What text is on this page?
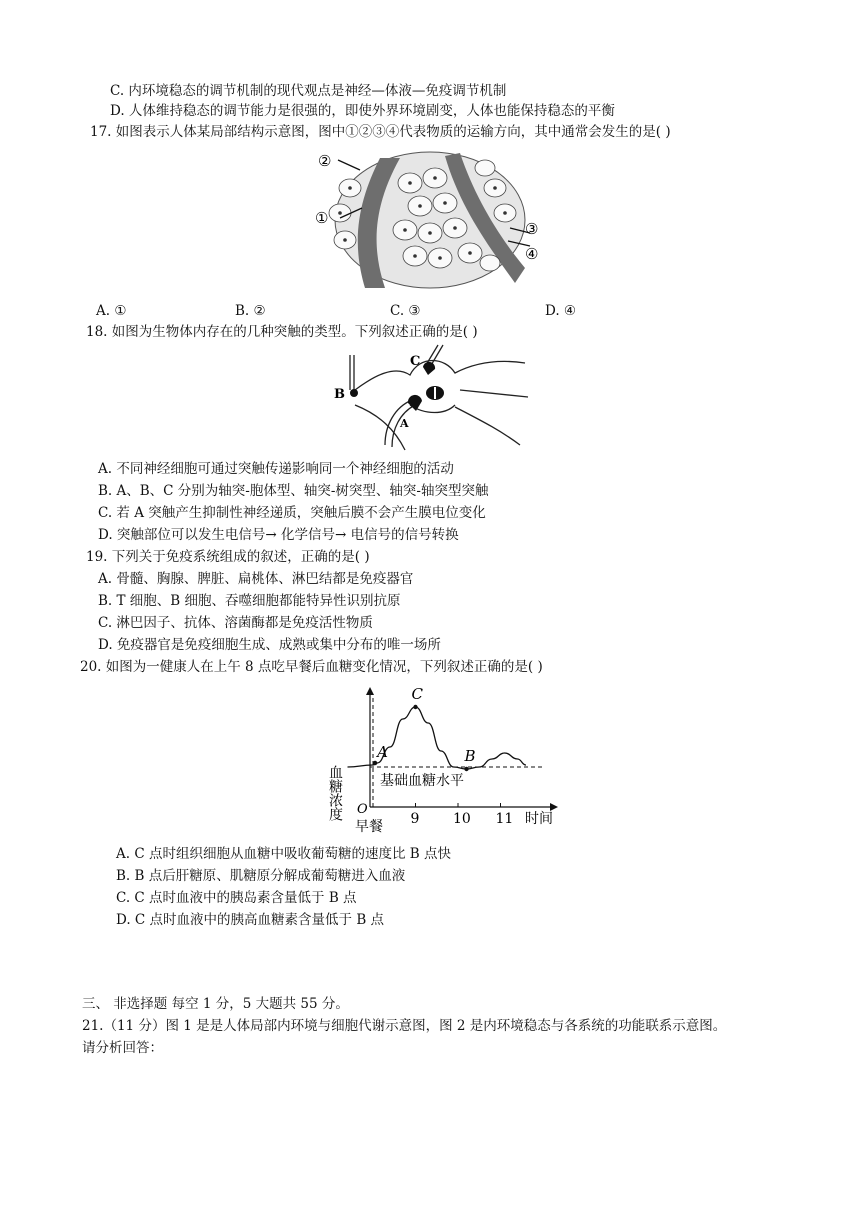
C. 内环境稳态的调节机制的现代观点是神经—体液—免疫调节机制
D. 人体维持稳态的调节能力是很强的，即使外界环境剧变，人体也能保持稳态的平衡
17. 如图表示人体某局部结构示意图，图中①②③④代表物质的运输方向，其中通常会发生的是( )
②
①
③
④
A. ①	B. ②	C. ③	D. ④
18. 如图为生物体内存在的几种突触的类型。下列叙述正确的是( )
C
B
A
A. 不同神经细胞可通过突触传递影响同一个神经细胞的活动
B. A、B、C 分别为轴突-胞体型、轴突-树突型、轴突-轴突型突触
C. 若 A 突触产生抑制性神经递质，突触后膜不会产生膜电位变化
D. 突触部位可以发生电信号→ 化学信号→ 电信号的信号转换
19. 下列关于免疫系统组成的叙述，正确的是( )
A. 骨髓、胸腺、脾脏、扁桃体、淋巴结都是免疫器官
B. T 细胞、B 细胞、吞噬细胞都能特异性识别抗原
C. 淋巴因子、抗体、溶菌酶都是免疫活性物质
D. 免疫器官是免疫细胞生成、成熟或集中分布的唯一场所
20. 如图为一健康人在上午 8 点吃早餐后血糖变化情况，下列叙述正确的是( )
血糖浓度	时间
O
早餐
基础血糖水平
9 10 11
A
C
B
A. C 点时组织细胞从血糖中吸收葡萄糖的速度比 B 点快
B. B 点后肝糖原、肌糖原分解成葡萄糖进入血液
C. C 点时血液中的胰岛素含量低于 B 点
D. C 点时血液中的胰高血糖素含量低于 B 点
三、 非选择题 每空 1 分，5 大题共 55 分。
21.（11 分）图 1 是是人体局部内环境与细胞代谢示意图，图 2 是内环境稳态与各系统的功能联系示意图。
请分析回答：
